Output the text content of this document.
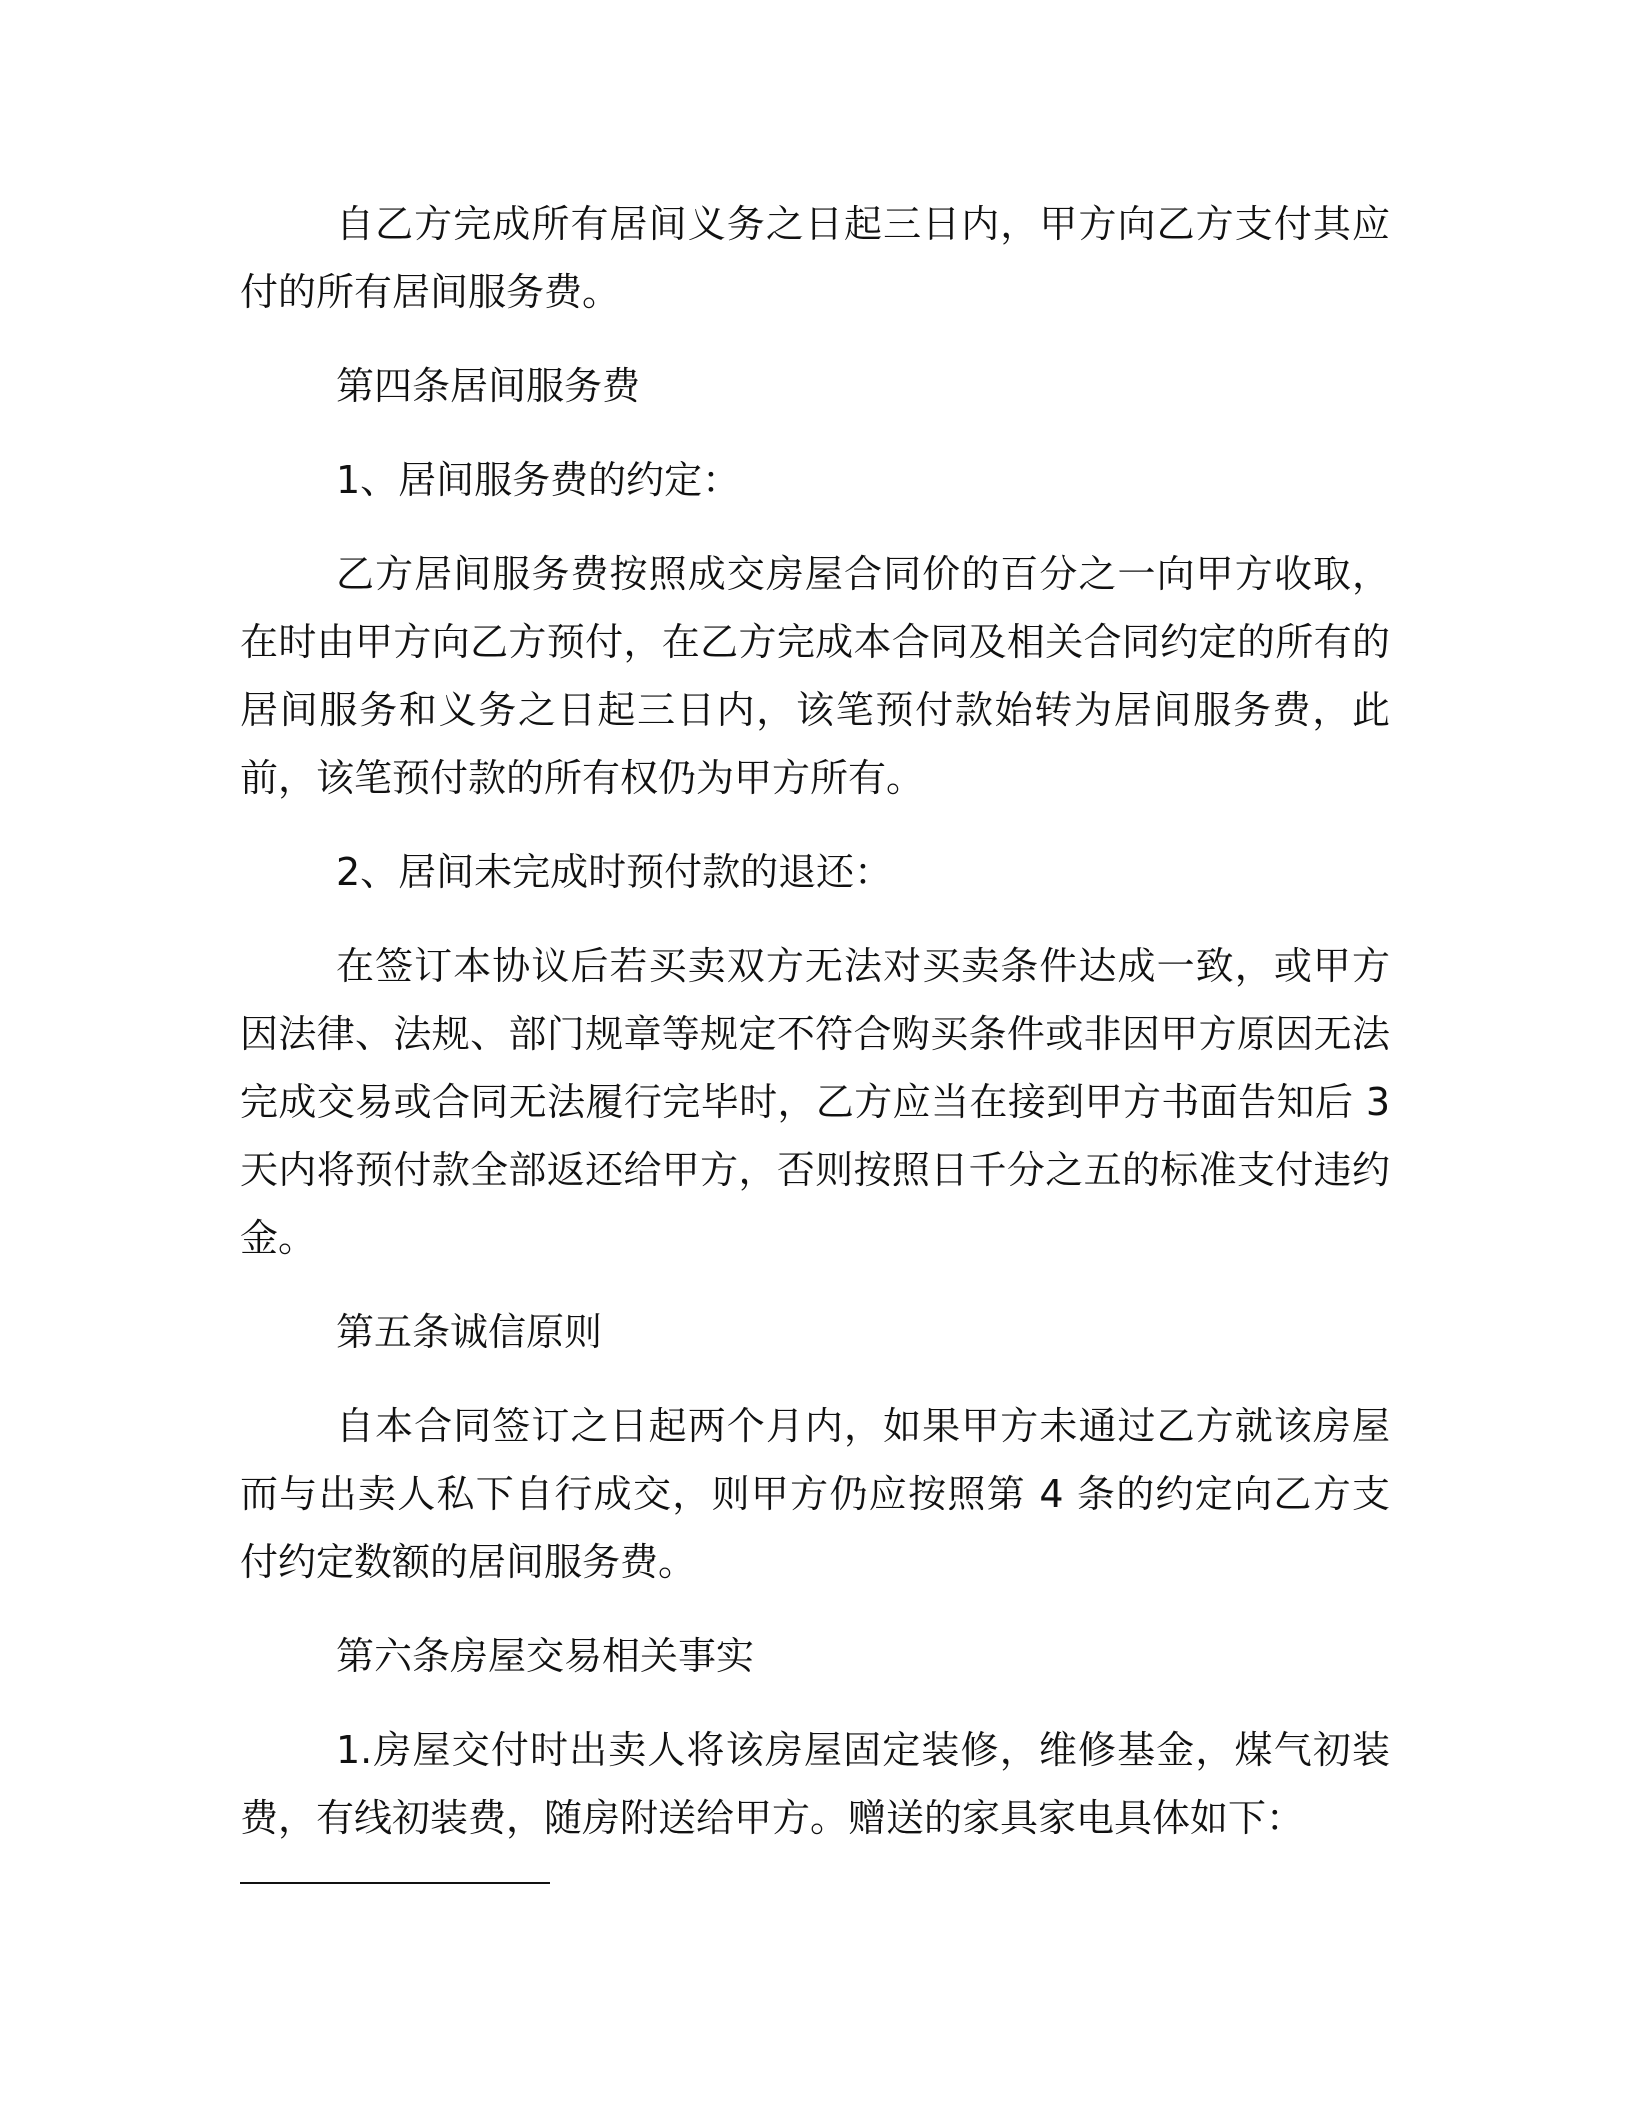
自乙方完成所有居间义务之日起三日内，甲方向乙方支付其应付的所有居间服务费。

第四条居间服务费

1、居间服务费的约定：

乙方居间服务费按照成交房屋合同价的百分之一向甲方收取，在时由甲方向乙方预付，在乙方完成本合同及相关合同约定的所有的居间服务和义务之日起三日内，该笔预付款始转为居间服务费，此前，该笔预付款的所有权仍为甲方所有。

2、居间未完成时预付款的退还：

在签订本协议后若买卖双方无法对买卖条件达成一致，或甲方因法律、法规、部门规章等规定不符合购买条件或非因甲方原因无法完成交易或合同无法履行完毕时，乙方应当在接到甲方书面告知后 3 天内将预付款全部返还给甲方，否则按照日千分之五的标准支付违约金。

第五条诚信原则

自本合同签订之日起两个月内，如果甲方未通过乙方就该房屋而与出卖人私下自行成交，则甲方仍应按照第 4 条的约定向乙方支付约定数额的居间服务费。

第六条房屋交易相关事实

1.房屋交付时出卖人将该房屋固定装修，维修基金，煤气初装费，有线初装费，随房附送给甲方。赠送的家具家电具体如下：
